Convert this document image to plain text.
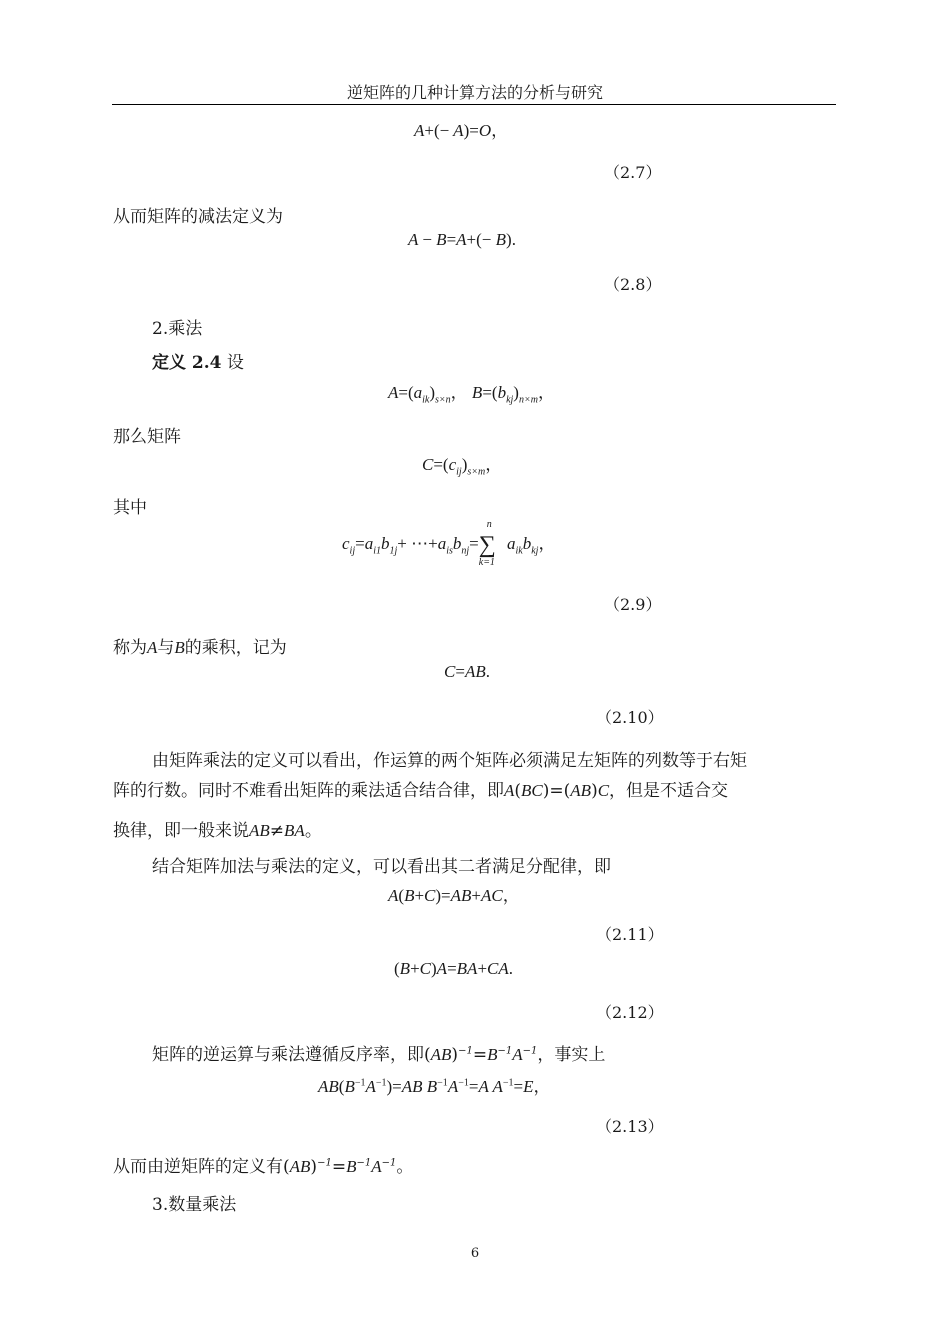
逆矩阵的几种计算方法的分析与研究
A+(− A)=O，
（2.7）
从而矩阵的减法定义为
A − B=A+(− B).
（2.8）
2.乘法
定义 2.4 设
$A=(a_{ik})_{s\times n}$， $B=(b_{kj})_{n\times m}$，
那么矩阵
$C=(c_{ij})_{s\times m}$，
其中
$c_{ij}=a_{i1}b_{1j}+$ $\cdots+a_{is}b_{nj}=$ ∑
n
k=1
$a_{ik}b_{kj}$，
（2.9）
称为A与B的乘积，记为
C=AB.
（2.10）
由矩阵乘法的定义可以看出，作运算的两个矩阵必须满足左矩阵的列数等于右矩
阵的行数。同时不难看出矩阵的乘法适合结合律，即A(BC)=(AB)C，但是不适合交
换律，即一般来说AB≠BA。
结合矩阵加法与乘法的定义，可以看出其二者满足分配律，即
A(B+C)=AB+AC，
（2.11）
(B+C)A=BA+CA.
（2.12）
矩阵的逆运算与乘法遵循反序率，即$(AB)^{-1}=B^{-1}A^{-1}$，事实上
$AB(B^{-1}A^{-1})=AB$ $B^{-1}A^{-1}=A$ $A^{-1}=E$，
（2.13）
从而由逆矩阵的定义有$(AB)^{-1}=B^{-1}A^{-1}$。
3.数量乘法
6
